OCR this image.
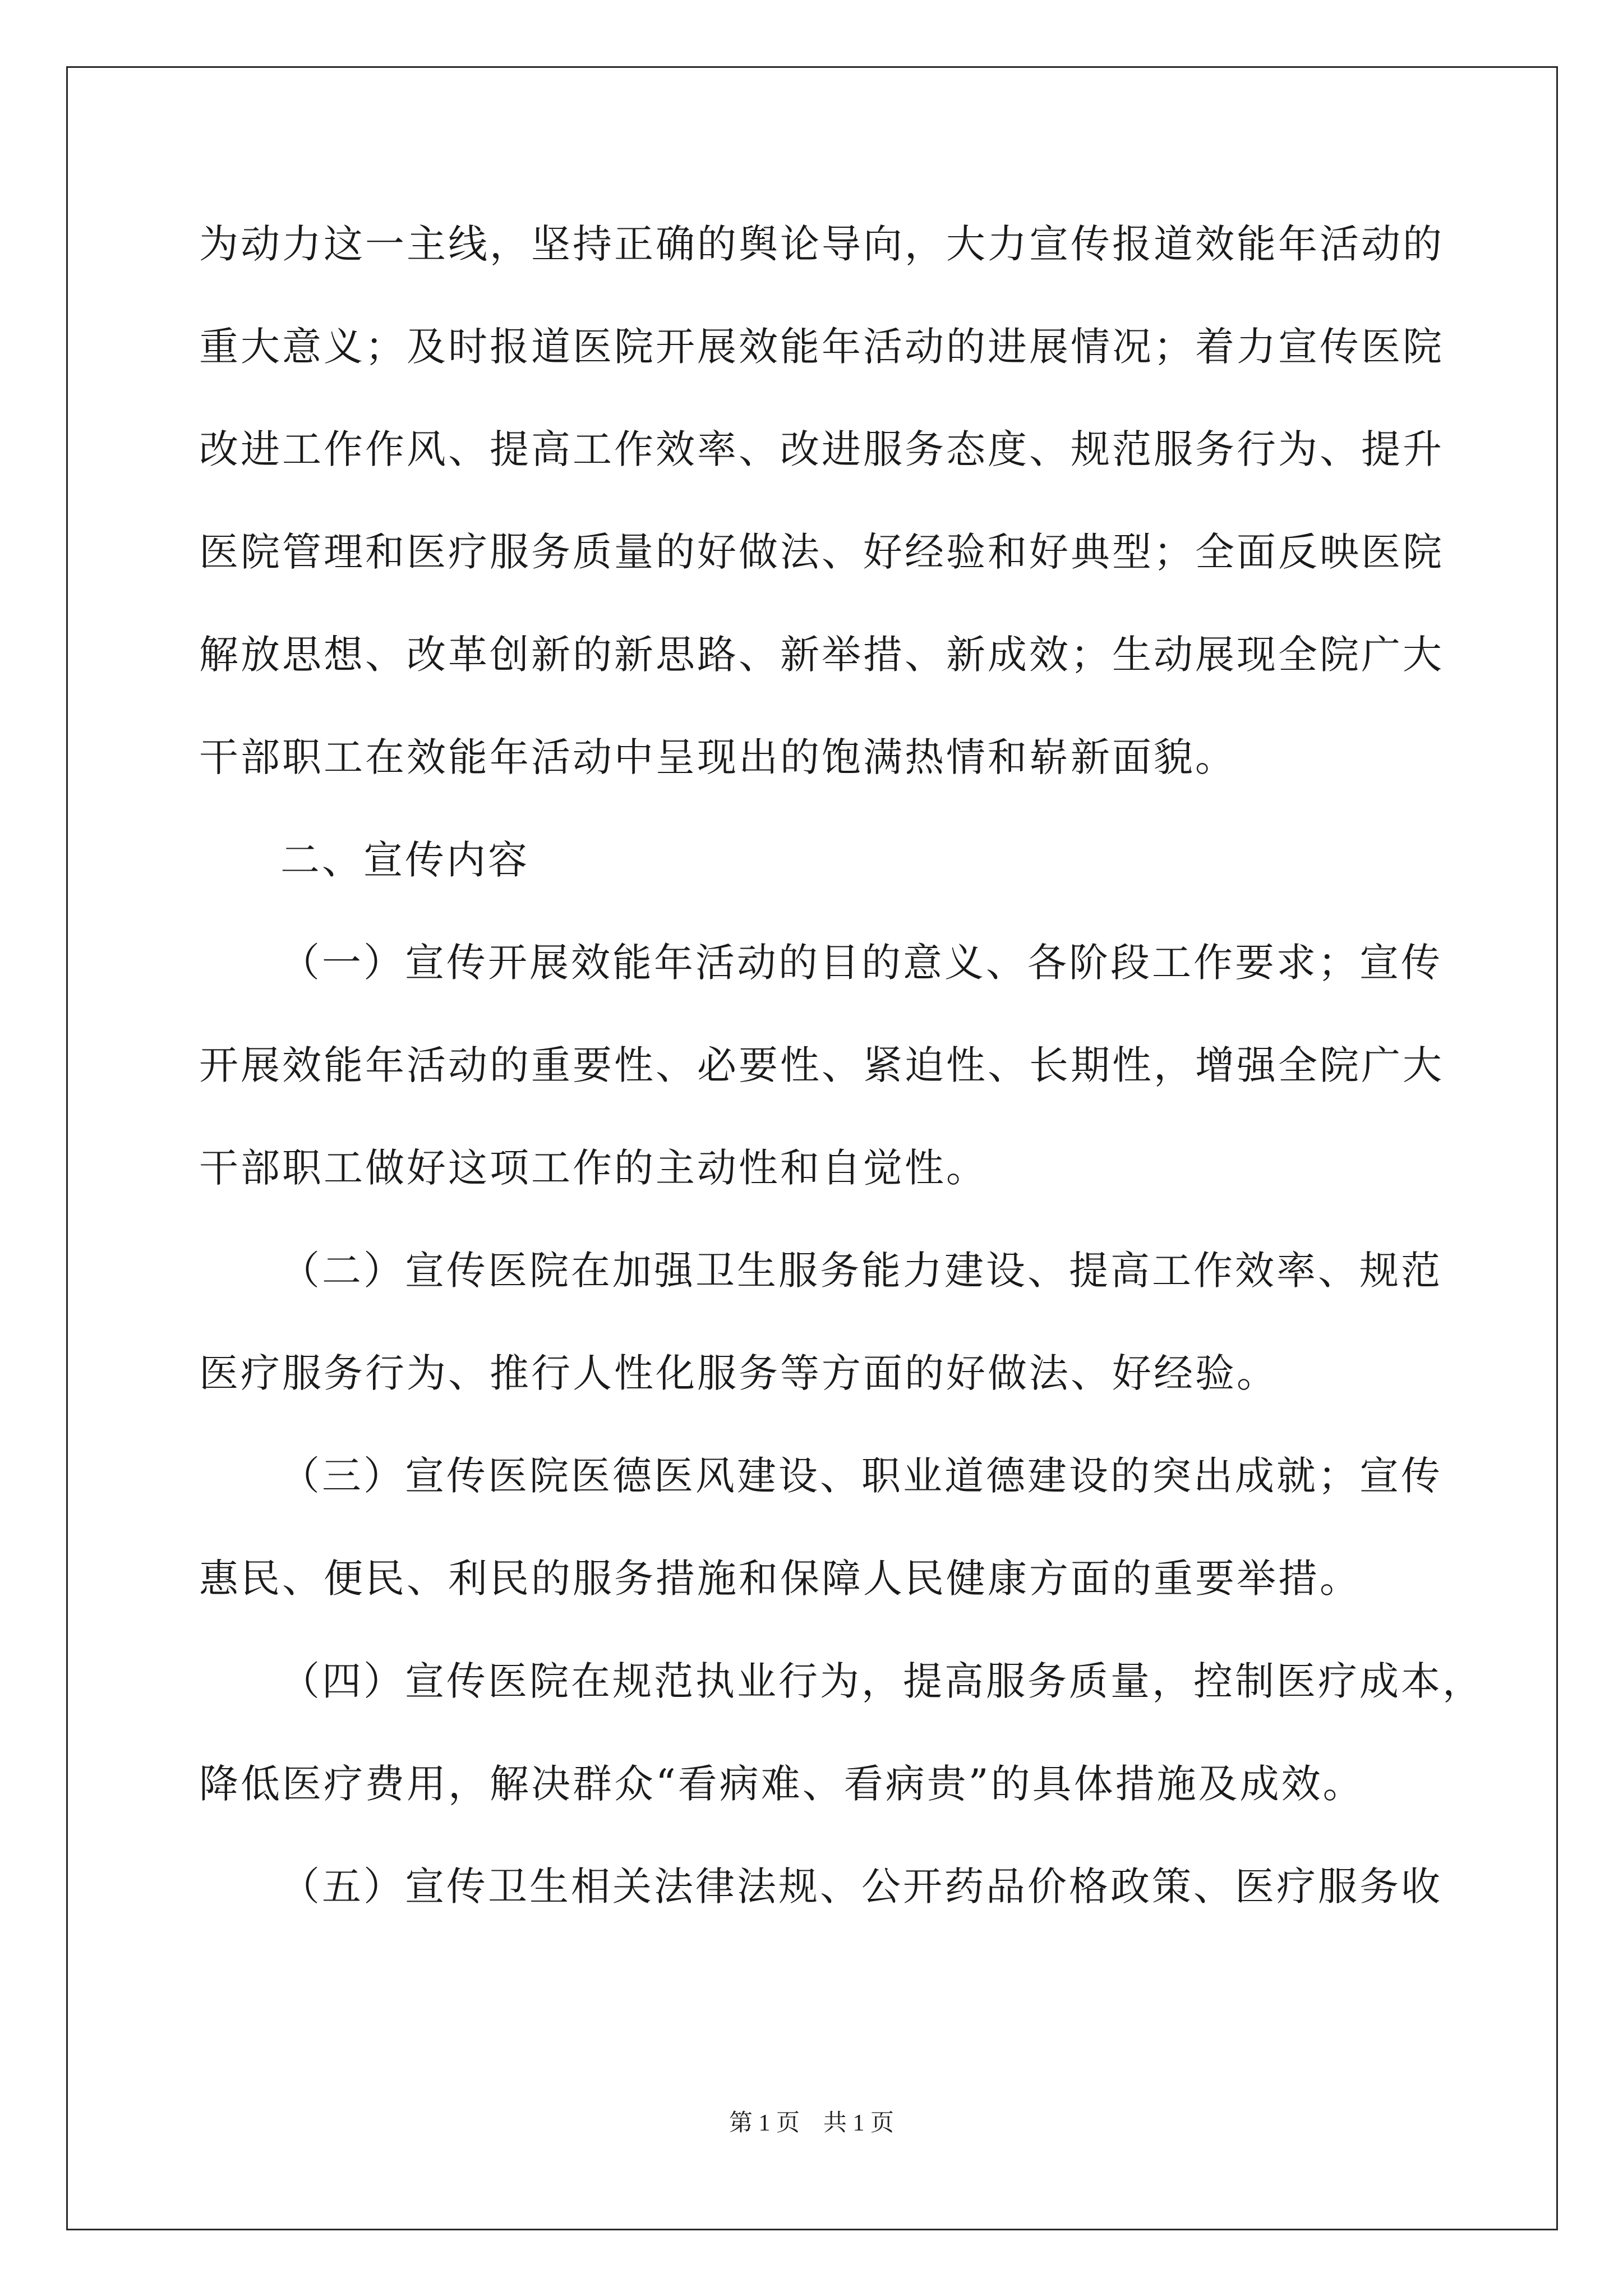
为动力这一主线，坚持正确的舆论导向，大力宣传报道效能年活动的
重大意义；及时报道医院开展效能年活动的进展情况；着力宣传医院
改进工作作风、提高工作效率、改进服务态度、规范服务行为、提升
医院管理和医疗服务质量的好做法、好经验和好典型；全面反映医院
解放思想、改革创新的新思路、新举措、新成效；生动展现全院广大
干部职工在效能年活动中呈现出的饱满热情和崭新面貌。
二、宣传内容
（一）宣传开展效能年活动的目的意义、各阶段工作要求；宣传
开展效能年活动的重要性、必要性、紧迫性、长期性，增强全院广大
干部职工做好这项工作的主动性和自觉性。
（二）宣传医院在加强卫生服务能力建设、提高工作效率、规范
医疗服务行为、推行人性化服务等方面的好做法、好经验。
（三）宣传医院医德医风建设、职业道德建设的突出成就；宣传
惠民、便民、利民的服务措施和保障人民健康方面的重要举措。
（四）宣传医院在规范执业行为，提高服务质量，控制医疗成本，
降低医疗费用，解决群众“看病难、看病贵”的具体措施及成效。
（五）宣传卫生相关法律法规、公开药品价格政策、医疗服务收
第 1 页　共 1 页
